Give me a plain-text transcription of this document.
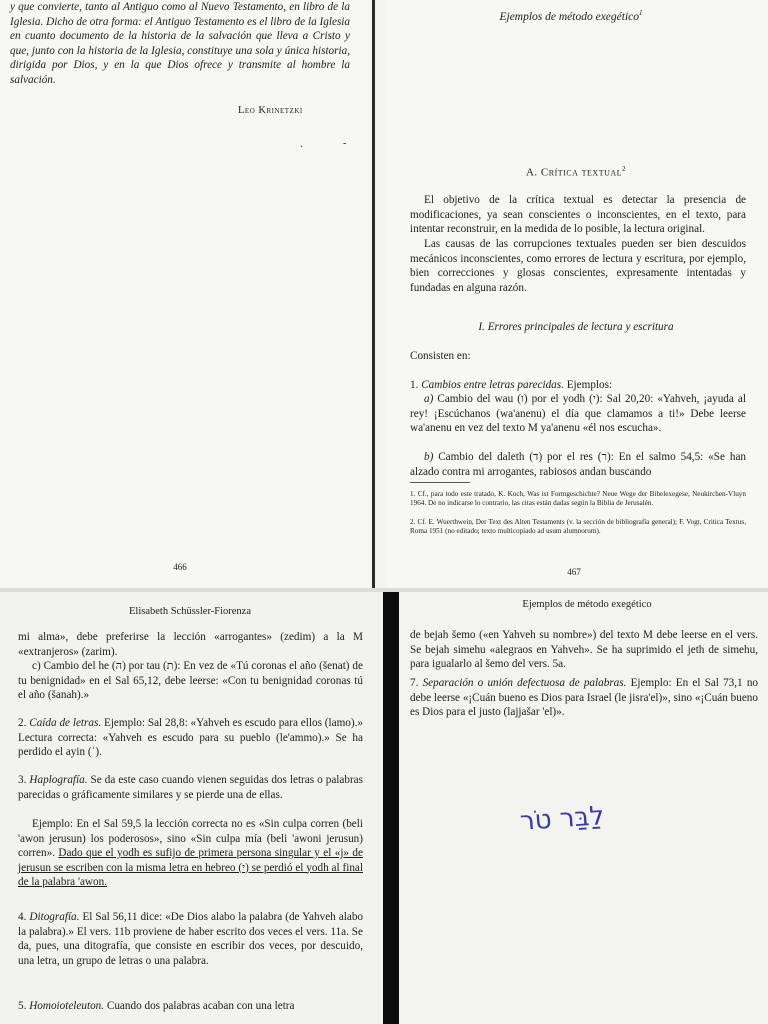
y que convierte, tanto al Antiguo como al Nuevo Testamento, en libro de la Iglesia. Dicho de otra forma: el Antiguo Testamento es el libro de la Iglesia en cuanto documento de la historia de la salvación que lleva a Cristo y que, junto con la historia de la Iglesia, constituye una sola y única historia, dirigida por Dios, y en la que Dios ofrece y transmite al hombre la salvación.

Leo Krinetzki
·	-
466
Ejemplos de método exegético$^1$
A. Crítica textual$^2$

El objetivo de la crítica textual es detectar la presencia de modificaciones, ya sean conscientes o inconscientes, en el texto, para intentar reconstruir, en la medida de lo posible, la lectura original.

Las causas de las corrupciones textuales pueden ser bien descuidos mecánicos inconscientes, como errores de lectura y escritura, por ejemplo, bien correcciones y glosas conscientes, expresamente intentadas y fundadas en alguna razón.

I. Errores principales de lectura y escritura
Consisten en:
1. Cambios entre letras parecidas. Ejemplos:

a) Cambio del wau (ו) por el yodh (י): Sal 20,20: «Yahveh, ¡ayuda al rey! ¡Escúchanos (wa'anenu) el día que clamamos a ti!» Debe leerse wa'anenu en vez del texto M ya'anenu «él nos escucha».

b) Cambio del daleth (ד) por el res (ר): En el salmo 54,5: «Se han alzado contra mi arrogantes, rabiosos andan buscando

1. Cf., para todo este tratado, K. Koch, Was ist Formgeschichte? Neue Wege der Bibelexegese, Neukirchen-Vluyn 1964. De no indicarse lo contrario, las citas están dadas según la Biblia de Jerusalén.

2. Cf. E. Wuerthwein, Der Text des Alten Testaments (v. la sección de bibliografía general); F. Vogt, Critica Textus, Roma 1951 (no editado; texto multicopiado ad usum alumnorum).

467
Elisabeth Schüssler-Fiorenza

mi alma», debe preferirse la lección «arrogantes» (zedim) a la M «extranjeros» (zarim).

c) Cambio del he (ה) por tau (ת): En vez de «Tú coronas el año (šenat) de tu benignidad» en el Sal 65,12, debe leerse: «Con tu benignidad coronas tú el año (šanah).»

2. Caída de letras. Ejemplo: Sal 28,8: «Yahveh es escudo para ellos (lamo).» Lectura correcta: «Yahveh es escudo para su pueblo (le'ammo).» Se ha perdido el ayin (ʿ).

3. Haplografía. Se da este caso cuando vienen seguidas dos letras o palabras parecidas o gráficamente similares y se pierde una de ellas.

Ejemplo: En el Sal 59,5 la lección correcta no es «Sin culpa corren (beli 'awon jerusun) los poderosos», sino «Sin culpa mía (beli 'awoni jerusun) corren». Dado que el yodh es sufijo de primera persona singular y el «j» de jerusun se escriben con la misma letra en hebreo (י) se perdió el yodh al final de la palabra 'awon.

4. Ditografía. El Sal 56,11 dice: «De Dios alabo la palabra (de Yahveh alabo la palabra).» El vers. 11b proviene de haber escrito dos veces el vers. 11a. Se da, pues, una ditografía, que consiste en escribir dos veces, por descuido, una letra, un grupo de letras o una palabra.

5. Homoioteleuton. Cuando dos palabras acaban con una letra

Ejemplos de método exegético

de bejah šemo («en Yahveh su nombre») del texto M debe leerse en el vers. Se bejah simehu «alegraos en Yahveh». Se ha suprimido el jeth de simehu, para igualarlo al šemo del vers. 5a.

7. Separación o unión defectuosa de palabras. Ejemplo: En el Sal 73,1 no debe leerse «¡Cuán bueno es Dios para Israel (le jisra'el)», sino «¡Cuán bueno es Dios para el justo (lajjašar 'el)».

לַבַּר טֹר
